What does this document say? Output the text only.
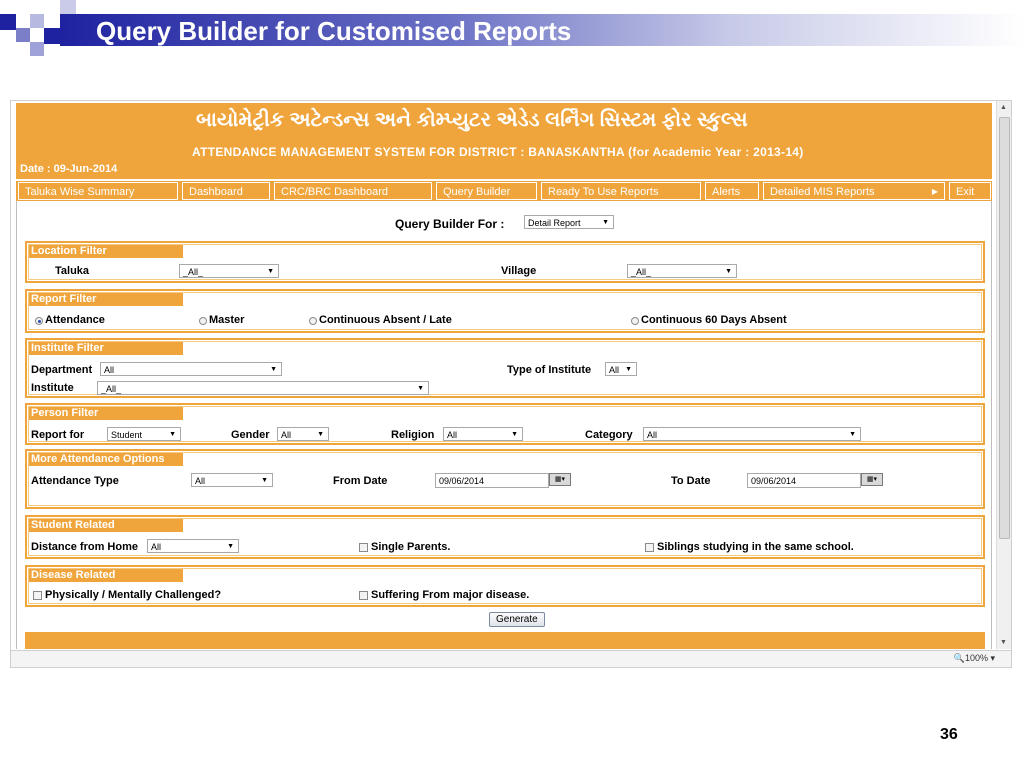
Query Builder for Customised Reports
બાયોમેટ્રીક અટેન્ડન્સ અને કોમ્પ્યુટર એડેડ લર્નિંગ સિસ્ટમ ફોર સ્કુલ્સ
ATTENDANCE MANAGEMENT SYSTEM FOR DISTRICT : BANASKANTHA (for Academic Year : 2013-14)
Date : 09-Jun-2014
Taluka Wise Summary	Dashboard	CRC/BRC Dashboard	Query Builder	Ready To Use Reports	Alerts	Detailed MIS Reports	▶	Exit
Query Builder For :	Detail Report	▼
Location Filter
Taluka	_All_	▼	Village	_All_	▼
Report Filter
Attendance	Master	Continuous Absent / Late	Continuous 60 Days Absent
Institute Filter
Department	All	▼	Type of Institute	All ▼
Institute	_All_	▼
Person Filter
Report for	Student	▼	Gender	All	▼	Religion	All	▼	Category	All	▼
More Attendance Options
Attendance Type	All	▼	From Date	09/06/2014	▦▾	To Date	09/06/2014	▦▾
Student Related
Distance from Home	All	▼	Single Parents.	Siblings studying in the same school.
Disease Related
Physically / Mentally Challenged?	Suffering From major disease.
Generate
▲
▼
🔍100% ▾
36
